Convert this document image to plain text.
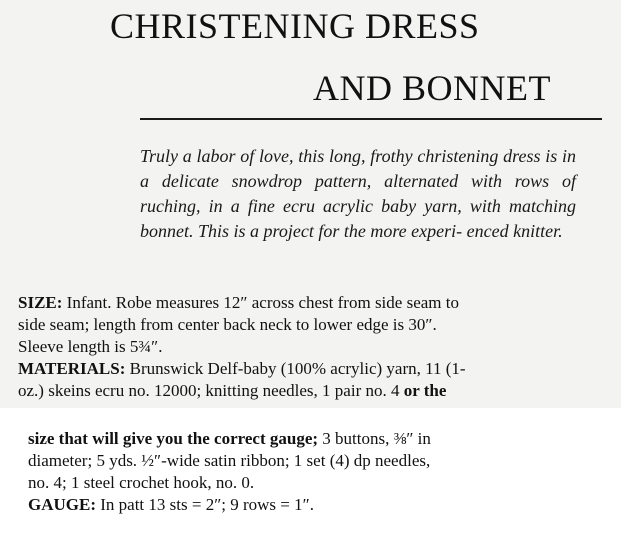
CHRISTENING DRESS
AND BONNET

Truly a labor of love, this long, frothy christening dress is in a delicate snowdrop pattern, alternated with rows of ruching, in a fine ecru acrylic baby yarn, with matching bonnet. This is a project for the more experi- enced knitter.

SIZE: Infant. Robe measures 12″ across chest from side seam to
side seam; length from center back neck to lower edge is 30″.
Sleeve length is 5¾″.
MATERIALS: Brunswick Delf-baby (100% acrylic) yarn, 11 (1-
oz.) skeins ecru no. 12000; knitting needles, 1 pair no. 4 or the
size that will give you the correct gauge; 3 buttons, ⅜″ in
diameter; 5 yds. ½″-wide satin ribbon; 1 set (4) dp needles,
no. 4; 1 steel crochet hook, no. 0.
GAUGE: In patt 13 sts = 2″; 9 rows = 1″.
